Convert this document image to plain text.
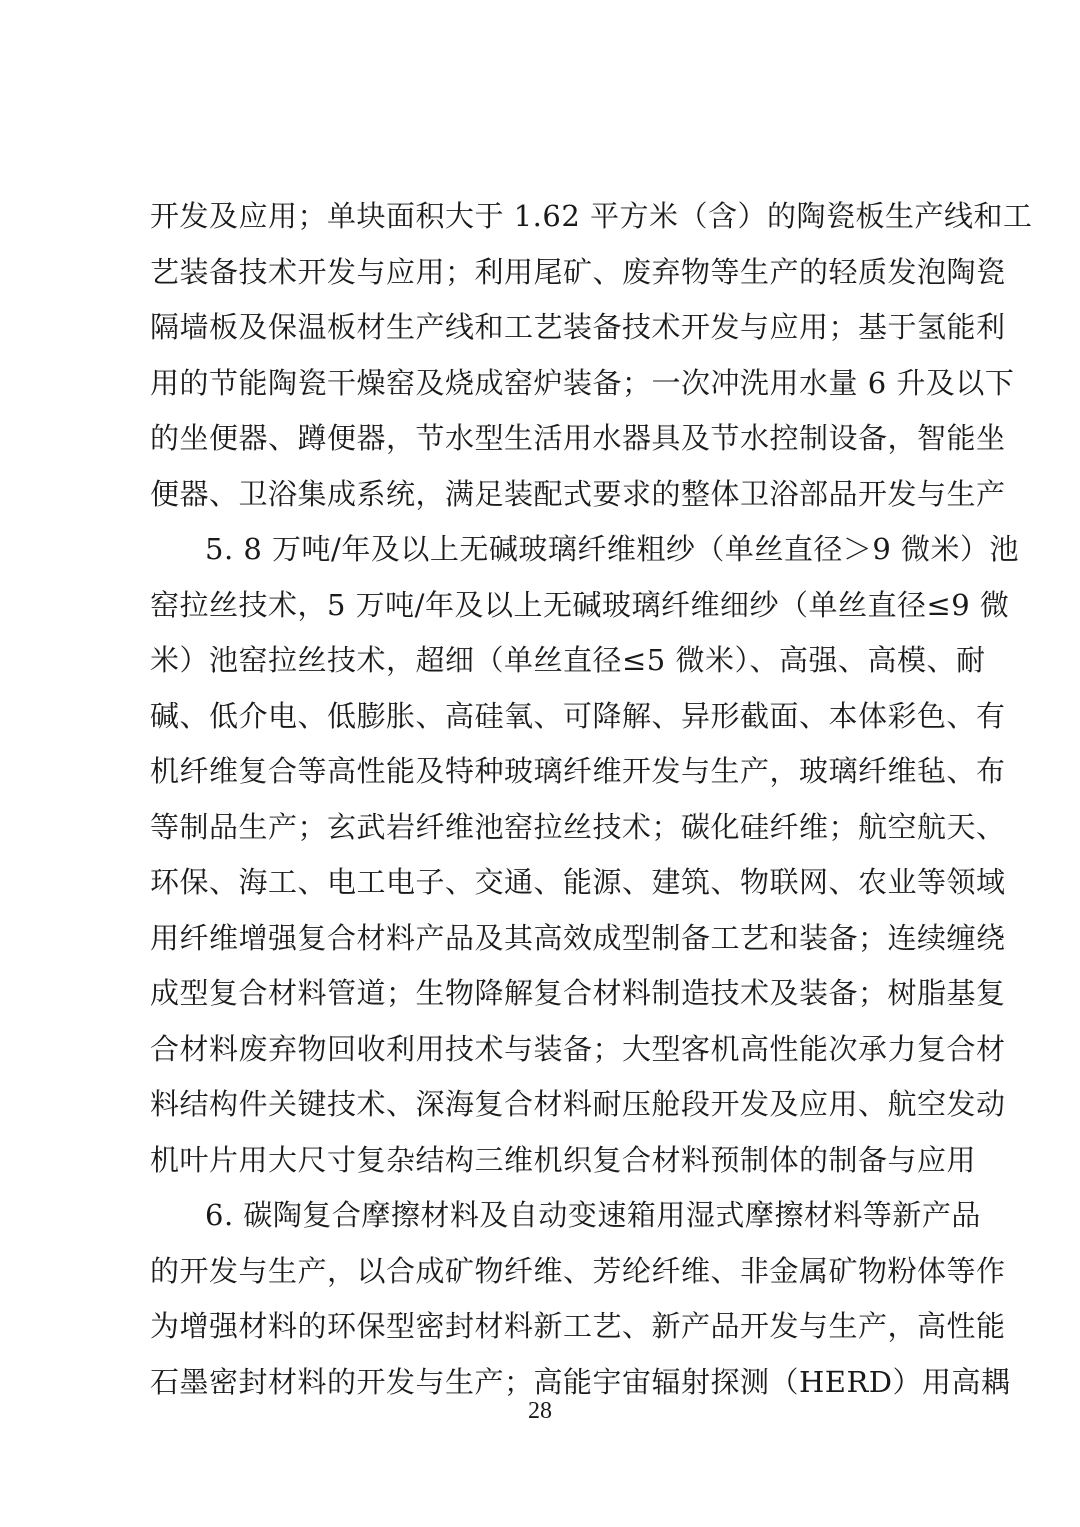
开发及应用；单块面积大于 1.62 平方米（含）的陶瓷板生产线和工
艺装备技术开发与应用；利用尾矿、废弃物等生产的轻质发泡陶瓷
隔墙板及保温板材生产线和工艺装备技术开发与应用；基于氢能利
用的节能陶瓷干燥窑及烧成窑炉装备；一次冲洗用水量 6 升及以下
的坐便器、蹲便器，节水型生活用水器具及节水控制设备，智能坐
便器、卫浴集成系统，满足装配式要求的整体卫浴部品开发与生产
5. 8 万吨/年及以上无碱玻璃纤维粗纱（单丝直径＞9 微米）池
窑拉丝技术，5 万吨/年及以上无碱玻璃纤维细纱（单丝直径≤9 微
米）池窑拉丝技术，超细（单丝直径≤5 微米）、高强、高模、耐
碱、低介电、低膨胀、高硅氧、可降解、异形截面、本体彩色、有
机纤维复合等高性能及特种玻璃纤维开发与生产，玻璃纤维毡、布
等制品生产；玄武岩纤维池窑拉丝技术；碳化硅纤维；航空航天、
环保、海工、电工电子、交通、能源、建筑、物联网、农业等领域
用纤维增强复合材料产品及其高效成型制备工艺和装备；连续缠绕
成型复合材料管道；生物降解复合材料制造技术及装备；树脂基复
合材料废弃物回收利用技术与装备；大型客机高性能次承力复合材
料结构件关键技术、深海复合材料耐压舱段开发及应用、航空发动
机叶片用大尺寸复杂结构三维机织复合材料预制体的制备与应用
6. 碳陶复合摩擦材料及自动变速箱用湿式摩擦材料等新产品
的开发与生产，以合成矿物纤维、芳纶纤维、非金属矿物粉体等作
为增强材料的环保型密封材料新工艺、新产品开发与生产，高性能
石墨密封材料的开发与生产；高能宇宙辐射探测（HERD）用高耦
28
